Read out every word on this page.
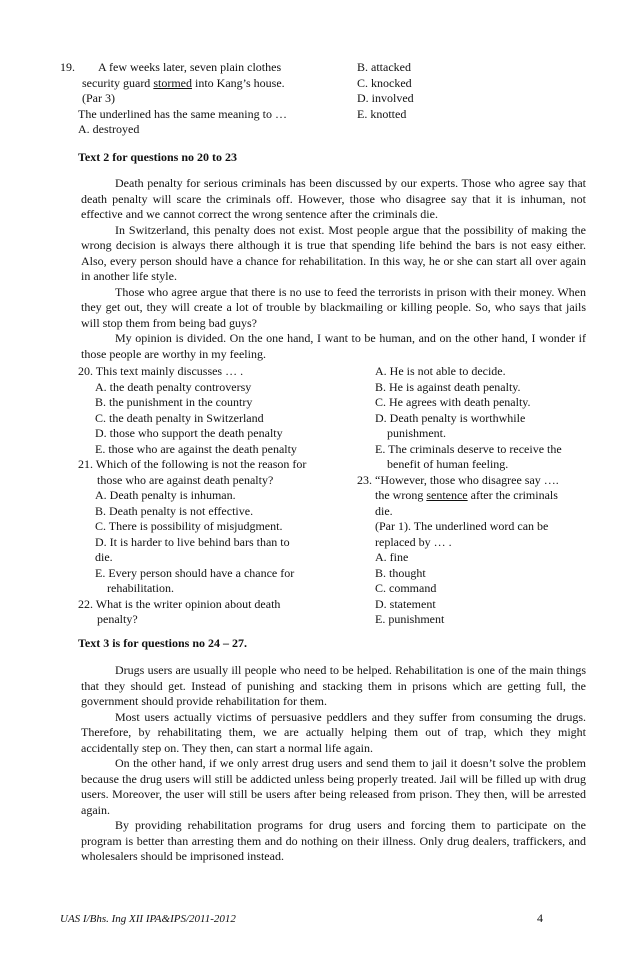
19.	A few weeks later, seven plain clothes

security guard stormed into Kang’s house.

(Par 3)

The underlined has the same meaning to …

A. destroyed

B. attacked

C. knocked

D. involved

E. knotted

Text 2 for questions no 20 to 23

Death penalty for serious criminals has been discussed by our experts. Those who agree say that death penalty will scare the criminals off. However, those who disagree say that it is inhuman, not effective and we cannot correct the wrong sentence after the criminals die.

In Switzerland, this penalty does not exist. Most people argue that the possibility of making the wrong decision is always there although it is true that spending life behind the bars is not easy either. Also, every person should have a chance for rehabilitation. In this way, he or she can start all over again in another life style.

Those who agree argue that there is no use to feed the terrorists in prison with their money. When they get out, they will create a lot of trouble by blackmailing or killing people. So, who says that jails will stop them from being bad guys?

My opinion is divided. On the one hand, I want to be human, and on the other hand, I wonder if those people are worthy in my feeling.

20. This text mainly discusses … .

A. the death penalty controversy

B. the punishment in the country

C. the death penalty in Switzerland

D. those who support the death penalty

E. those who are against the death penalty

21. Which of the following is not the reason for those who are against death penalty?

A. Death penalty is inhuman.

B. Death penalty is not effective.

C. There is possibility of misjudgment.

D. It is harder to live behind bars than to die.

E. Every person should have a chance for rehabilitation.

22. What is the writer opinion about death penalty?

A. He is not able to decide.

B. He is against death penalty.

C. He agrees with death penalty.

D. Death penalty is worthwhile punishment.

E. The criminals deserve to receive the benefit of human feeling.

23. “However, those who disagree say …. the wrong sentence after the criminals die.

(Par 1). The underlined word can be replaced by … .

A. fine

B. thought

C. command

D. statement

E. punishment

Text 3 is for questions no 24 – 27.

Drugs users are usually ill people who need to be helped. Rehabilitation is one of the main things that they should get. Instead of punishing and stacking them in prisons which are getting full, the government should provide rehabilitation for them.

Most users actually victims of persuasive peddlers and they suffer from consuming the drugs. Therefore, by rehabilitating them, we are actually helping them out of trap, which they might accidentally step on. They then, can start a normal life again.

On the other hand, if we only arrest drug users and send them to jail it doesn’t solve the problem because the drug users will still be addicted unless being properly treated. Jail will be filled up with drug users. Moreover, the user will still be users after being released from prison. They then, will be arrested again.

By providing rehabilitation programs for drug users and forcing them to participate on the program is better than arresting them and do nothing on their illness. Only drug dealers, traffickers, and wholesalers should be imprisoned instead.

UAS I/Bhs. Ing XII IPA&IPS/2011-2012	4
